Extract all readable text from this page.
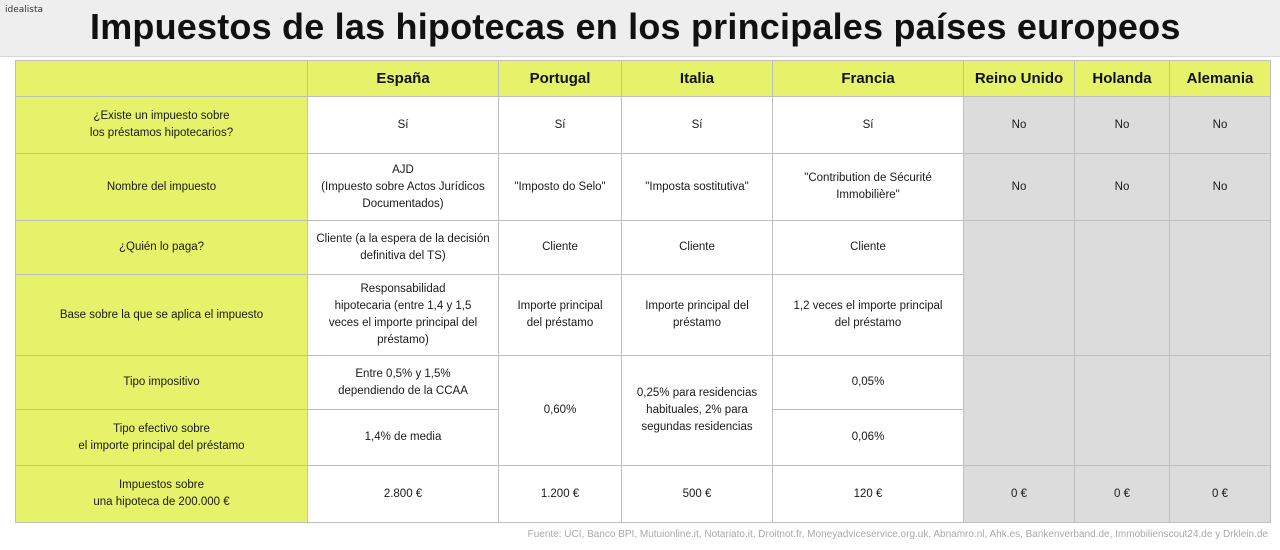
idealista Impuestos de las hipotecas en los principales países europeos
	España	Portugal	Italia	Francia	Reino Unido	Holanda	Alemania
¿Existe un impuesto sobre
los préstamos hipotecarios?	Sí	Sí	Sí	Sí	No	No	No
Nombre del impuesto	AJD
(Impuesto sobre Actos Jurídicos
Documentados)	"Imposto do Selo"	"Imposta sostitutiva"	"Contribution de Sécurité
Immobilière"	No	No	No
¿Quién lo paga?	Cliente (a la espera de la decisión
definitiva del TS)	Cliente	Cliente	Cliente			
Base sobre la que se aplica el impuesto	Responsabilidad
hipotecaria (entre 1,4 y 1,5
veces el importe principal del
préstamo)	Importe principal
del préstamo	Importe principal del
préstamo	1,2 veces el importe principal
del préstamo			
Tipo impositivo	Entre 0,5% y 1,5%
dependiendo de la CCAA	0,60%	0,25% para residencias
habituales, 2% para
segundas residencias	0,05%			
Tipo efectivo sobre
el importe principal del préstamo	1,4% de media			0,06%			
Impuestos sobre
una hipoteca de 200.000 €	2.800 €	1.200 €	500 €	120 €	0 €	0 €	0 €
Fuente: UCI, Banco BPI, Mutuionline.it, Notariato.it, Droitnot.fr, Moneyadviceservice.org.uk, Abnamro.nl, Ahk.es, Bankenverband.de, Immobilienscout24.de y Drklein.de
